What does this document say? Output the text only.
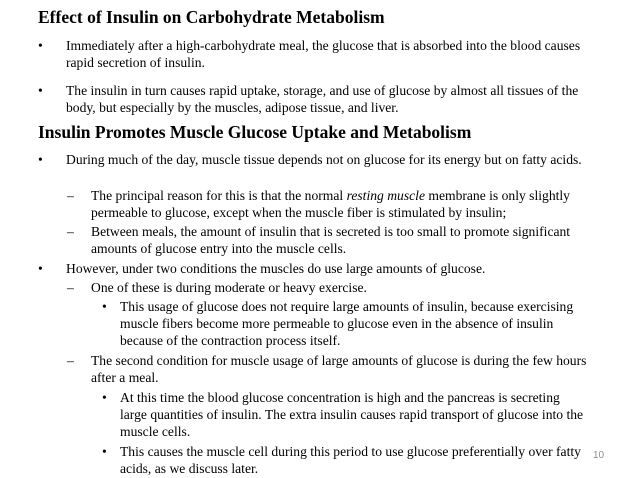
Effect of Insulin on Carbohydrate Metabolism
• Immediately after a high-carbohydrate meal, the glucose that is absorbed into the blood causes rapid secretion of insulin.
• The insulin in turn causes rapid uptake, storage, and use of glucose by almost all tissues of the body, but especially by the muscles, adipose tissue, and liver.
Insulin Promotes Muscle Glucose Uptake and Metabolism
• During much of the day, muscle tissue depends not on glucose for its energy but on fatty acids.
– The principal reason for this is that the normal resting muscle membrane is only slightly permeable to glucose, except when the muscle fiber is stimulated by insulin;
– Between meals, the amount of insulin that is secreted is too small to promote significant amounts of glucose entry into the muscle cells.
• However, under two conditions the muscles do use large amounts of glucose.
– One of these is during moderate or heavy exercise.
• This usage of glucose does not require large amounts of insulin, because exercising muscle fibers become more permeable to glucose even in the absence of insulin because of the contraction process itself.
– The second condition for muscle usage of large amounts of glucose is during the few hours after a meal.
• At this time the blood glucose concentration is high and the pancreas is secreting large quantities of insulin. The extra insulin causes rapid transport of glucose into the muscle cells.
• This causes the muscle cell during this period to use glucose preferentially over fatty acids, as we discuss later.
10
